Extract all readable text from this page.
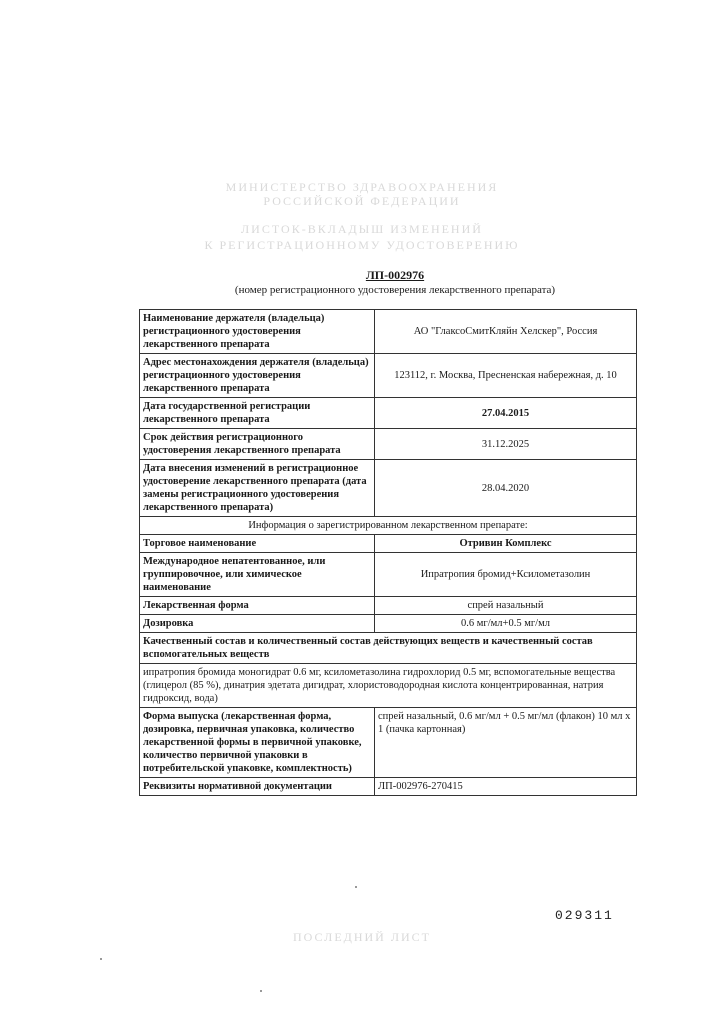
МИНИСТЕРСТВО ЗДРАВООХРАНЕНИЯ
РОССИЙСКОЙ ФЕДЕРАЦИИ
ЛИСТОК-ВКЛАДЫШ ИЗМЕНЕНИЙ
К РЕГИСТРАЦИОННОМУ УДОСТОВЕРЕНИЮ
ЛП-002976
(номер регистрационного удостоверения лекарственного препарата)
Наименование держателя (владельца) регистрационного удостоверения лекарственного препарата	АО "ГлаксоСмитКляйн Хелскер", Россия
Адрес местонахождения держателя (владельца) регистрационного удостоверения лекарственного препарата	123112, г. Москва, Пресненская набережная, д. 10
Дата государственной регистрации лекарственного препарата	27.04.2015
Срок действия регистрационного удостоверения лекарственного препарата	31.12.2025
Дата внесения изменений в регистрационное удостоверение лекарственного препарата (дата замены регистрационного удостоверения лекарственного препарата)	28.04.2020
Информация о зарегистрированном лекарственном препарате:	
Торговое наименование	Отривин Комплекс
Международное непатентованное, или группировочное, или химическое наименование	Ипратропия бромид+Ксилометазолин
Лекарственная форма	спрей назальный
Дозировка	0.6 мг/мл+0.5 мг/мл
Качественный состав и количественный состав действующих веществ и качественный состав вспомогательных веществ	
ипратропия бромида моногидрат 0.6 мг, ксилометазолина гидрохлорид 0.5 мг, вспомогательные вещества (глицерол (85 %), динатрия эдетата дигидрат, хлористоводородная кислота концентрированная, натрия гидроксид, вода)	
Форма выпуска (лекарственная форма, дозировка, первичная упаковка, количество лекарственной формы в первичной упаковке, количество первичной упаковки в потребительской упаковке, комплектность)	спрей назальный, 0.6 мг/мл + 0.5 мг/мл (флакон) 10 мл x 1 (пачка картонная)
Реквизиты нормативной документации	ЛП-002976-270415
029311
ПОСЛЕДНИЙ ЛИСТ
